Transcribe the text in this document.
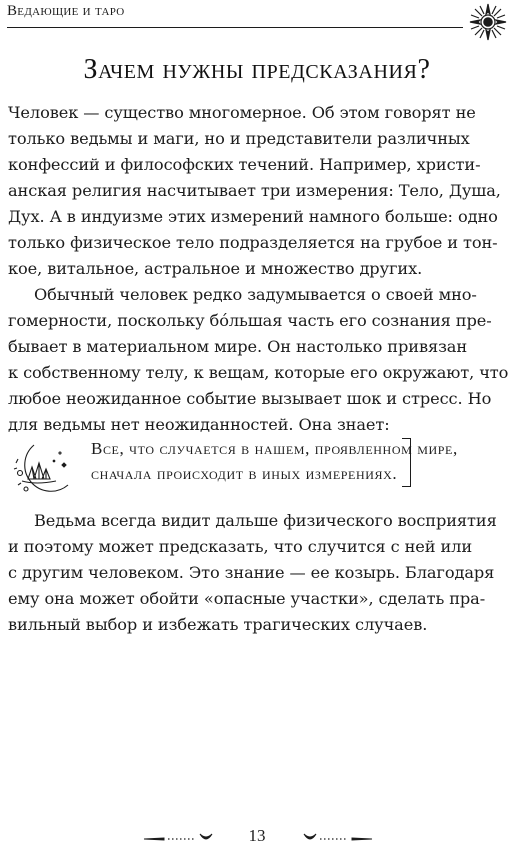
Ведающие и таро
Зачем нужны предсказания?
Человек — существо многомерное. Об этом говорят не
только ведьмы и маги, но и представители различных
конфессий и философских течений. Например, христи-
анская религия насчитывает три измерения: Тело, Душа,
Дух. А в индуизме этих измерений намного больше: одно
только физическое тело подразделяется на грубое и тон-
кое, витальное, астральное и множество других.
Обычный человек редко задумывается о своей мно-
гомерности, поскольку бо́льшая часть его сознания пре-
бывает в материальном мире. Он настолько привязан
к собственному телу, к вещам, которые его окружают, что
любое неожиданное событие вызывает шок и стресс. Но
для ведьмы нет неожиданностей. Она знает:
Все, что случается в нашем, проявленном мире,
сначала происходит в иных измерениях.
Ведьма всегда видит дальше физического восприятия
и поэтому может предсказать, что случится с ней или
с другим человеком. Это знание — ее козырь. Благодаря
ему она может обойти «опасные участки», сделать пра-
вильный выбор и избежать трагических случаев.
13
